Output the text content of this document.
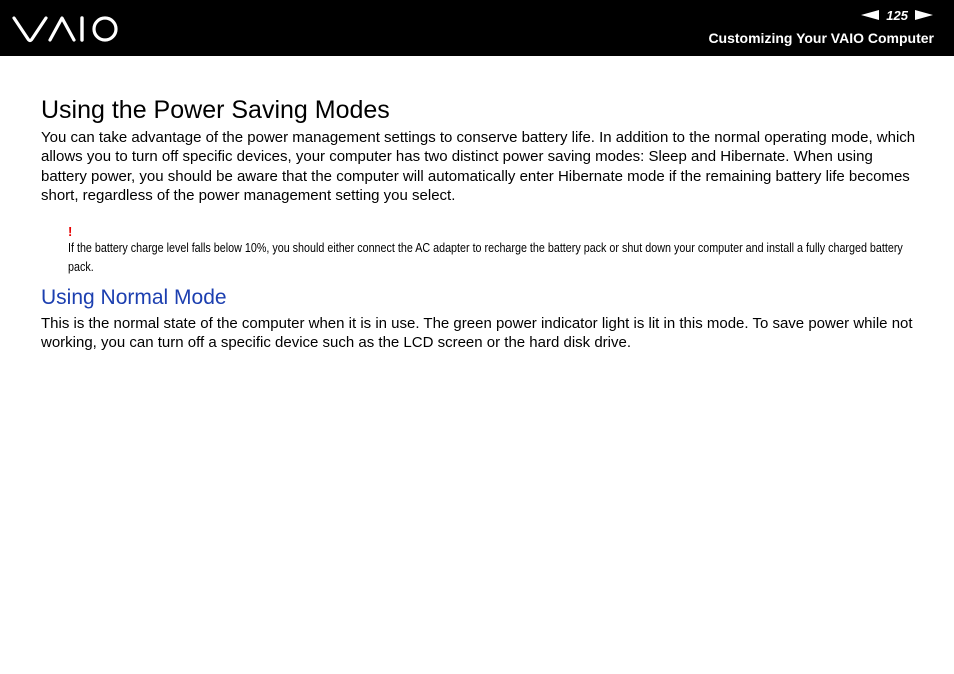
125
Customizing Your VAIO Computer
Using the Power Saving Modes

You can take advantage of the power management settings to conserve battery life. In addition to the normal operating mode, which allows you to turn off specific devices, your computer has two distinct power saving modes: Sleep and Hibernate. When using battery power, you should be aware that the computer will automatically enter Hibernate mode if the remaining battery life becomes short, regardless of the power management setting you select.

!

If the battery charge level falls below 10%, you should either connect the AC adapter to recharge the battery pack or shut down your computer and install a fully charged battery pack.

Using Normal Mode

This is the normal state of the computer when it is in use. The green power indicator light is lit in this mode. To save power while not working, you can turn off a specific device such as the LCD screen or the hard disk drive.
